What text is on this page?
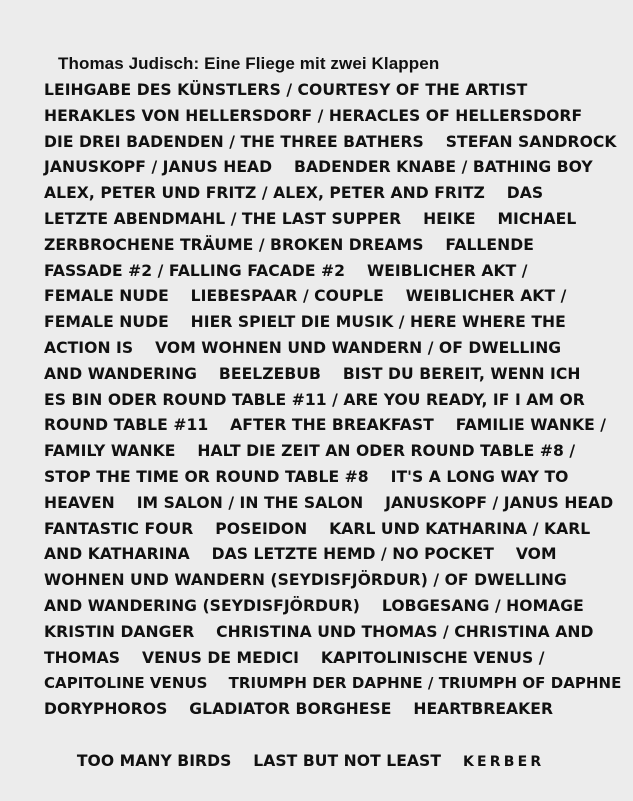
Thomas Judisch: Eine Fliege mit zwei Klappen
LEIHGABE DES KÜNSTLERS / COURTESY OF THE ARTIST
HERAKLES VON HELLERSDORF / HERACLES OF HELLERSDORF
DIE DREI BADENDEN / THE THREE BATHERS    STEFAN SANDROCK
JANUSKOPF / JANUS HEAD    BADENDER KNABE / BATHING BOY
ALEX, PETER UND FRITZ / ALEX, PETER AND FRITZ    DAS
LETZTE ABENDMAHL / THE LAST SUPPER    HEIKE    MICHAEL
ZERBROCHENE TRÄUME / BROKEN DREAMS    FALLENDE
FASSADE #2 / FALLING FACADE #2    WEIBLICHER AKT /
FEMALE NUDE    LIEBESPAAR / COUPLE    WEIBLICHER AKT /
FEMALE NUDE    HIER SPIELT DIE MUSIK / HERE WHERE THE
ACTION IS    VOM WOHNEN UND WANDERN / OF DWELLING
AND WANDERING    BEELZEBUB    BIST DU BEREIT, WENN ICH
ES BIN ODER ROUND TABLE #11 / ARE YOU READY, IF I AM OR
ROUND TABLE #11    AFTER THE BREAKFAST    FAMILIE WANKE /
FAMILY WANKE    HALT DIE ZEIT AN ODER ROUND TABLE #8 /
STOP THE TIME OR ROUND TABLE #8    IT'S A LONG WAY TO
HEAVEN    IM SALON / IN THE SALON    JANUSKOPF / JANUS HEAD
FANTASTIC FOUR    POSEIDON    KARL UND KATHARINA / KARL
AND KATHARINA    DAS LETZTE HEMD / NO POCKET    VOM
WOHNEN UND WANDERN (SEYDISFJÖRDUR) / OF DWELLING
AND WANDERING (SEYDISFJÖRDUR)    LOBGESANG / HOMAGE
KRISTIN DANGER    CHRISTINA UND THOMAS / CHRISTINA AND
THOMAS    VENUS DE MEDICI    KAPITOLINISCHE VENUS /
CAPITOLINE VENUS    TRIUMPH DER DAPHNE / TRIUMPH OF DAPHNE
DORYPHOROS    GLADIATOR BORGHESE    HEARTBREAKER

TOO MANY BIRDS    LAST BUT NOT LEAST KERBER
